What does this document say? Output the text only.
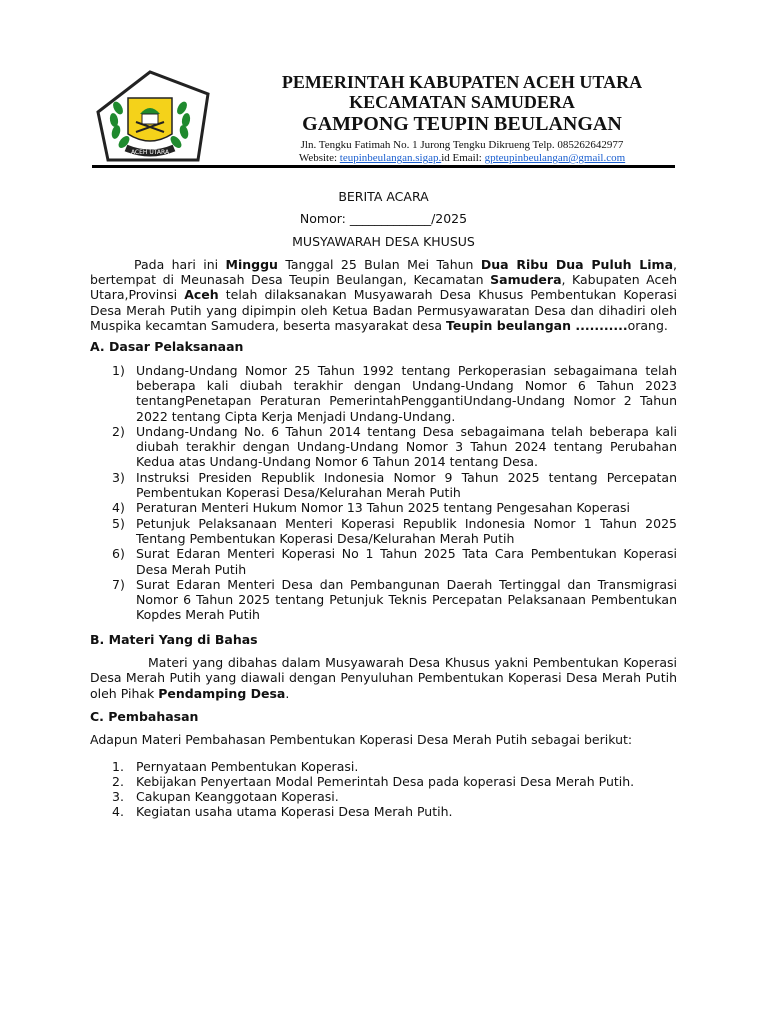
ACEH UTARA
PEMERINTAH KABUPATEN ACEH UTARA
KECAMATAN SAMUDERA
GAMPONG TEUPIN BEULANGAN
Jln. Tengku Fatimah No. 1 Jurong Tengku Dikrueng Telp. 085262642977
Website: teupinbeulangan.sigap.id Email: gpteupinbeulangan@gmail.com
BERITA ACARA
Nomor: _____________/2025
MUSYAWARAH DESA KHUSUS
Pada hari ini Minggu Tanggal 25 Bulan Mei Tahun Dua Ribu Dua Puluh Lima, bertempat di Meunasah Desa Teupin Beulangan, Kecamatan Samudera, Kabupaten Aceh Utara,Provinsi Aceh telah dilaksanakan Musyawarah Desa Khusus Pembentukan Koperasi Desa Merah Putih yang dipimpin oleh Ketua Badan Permusyawaratan Desa dan dihadiri oleh Muspika kecamtan Samudera, beserta masyarakat desa Teupin beulangan ...........orang.
A. Dasar Pelaksanaan
1) Undang-Undang Nomor 25 Tahun 1992 tentang Perkoperasian sebagaimana telah beberapa kali diubah terakhir dengan Undang-Undang Nomor 6 Tahun 2023 tentangPenetapan Peraturan PemerintahPenggantiUndang-Undang Nomor 2 Tahun 2022 tentang Cipta Kerja Menjadi Undang-Undang.
2) Undang-Undang No. 6 Tahun 2014 tentang Desa sebagaimana telah beberapa kali diubah terakhir dengan Undang-Undang Nomor 3 Tahun 2024 tentang Perubahan Kedua atas Undang-Undang Nomor 6 Tahun 2014 tentang Desa.
3) Instruksi Presiden Republik Indonesia Nomor 9 Tahun 2025 tentang Percepatan Pembentukan Koperasi Desa/Kelurahan Merah Putih
4) Peraturan Menteri Hukum Nomor 13 Tahun 2025 tentang Pengesahan Koperasi
5) Petunjuk Pelaksanaan Menteri Koperasi Republik Indonesia Nomor 1 Tahun 2025 Tentang Pembentukan Koperasi Desa/Kelurahan Merah Putih
6) Surat Edaran Menteri Koperasi No 1 Tahun 2025 Tata Cara Pembentukan Koperasi Desa Merah Putih
7) Surat Edaran Menteri Desa dan Pembangunan Daerah Tertinggal dan Transmigrasi Nomor 6 Tahun 2025 tentang Petunjuk Teknis Percepatan Pelaksanaan Pembentukan Kopdes Merah Putih
B. Materi Yang di Bahas
Materi yang dibahas dalam Musyawarah Desa Khusus yakni Pembentukan Koperasi Desa Merah Putih yang diawali dengan Penyuluhan Pembentukan Koperasi Desa Merah Putih oleh Pihak Pendamping Desa.
C. Pembahasan
Adapun Materi Pembahasan Pembentukan Koperasi Desa Merah Putih sebagai berikut:
1. Pernyataan Pembentukan Koperasi.
2. Kebijakan Penyertaan Modal Pemerintah Desa pada koperasi Desa Merah Putih.
3. Cakupan Keanggotaan Koperasi.
4. Kegiatan usaha utama Koperasi Desa Merah Putih.
